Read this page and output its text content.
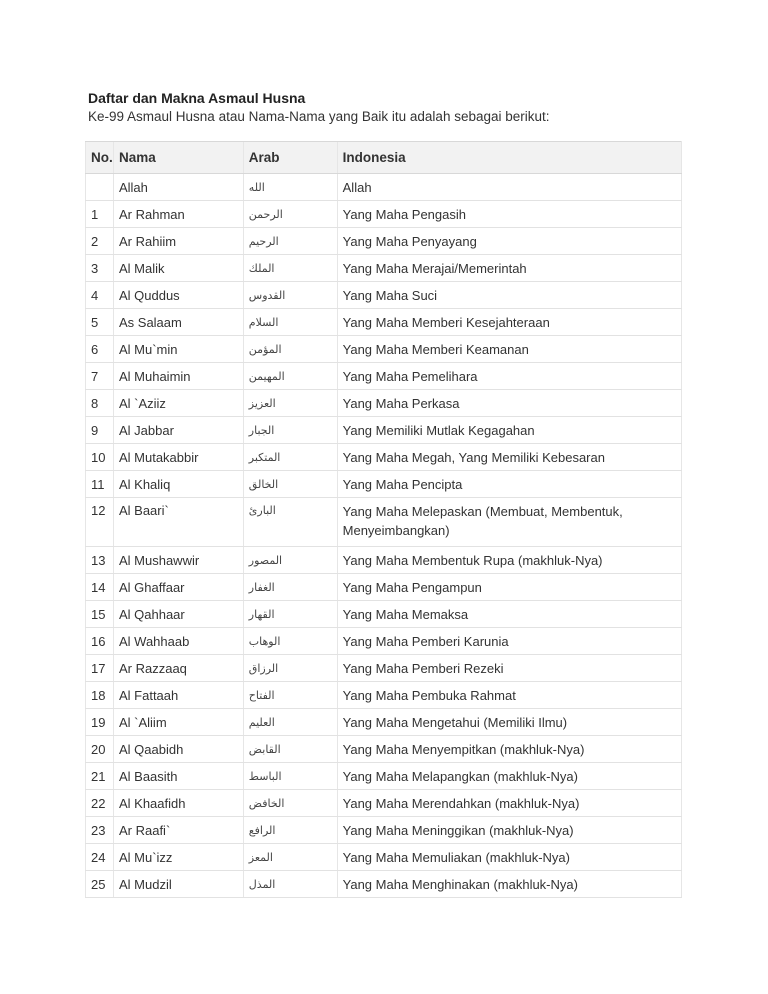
Daftar dan Makna Asmaul Husna
Ke-99 Asmaul Husna atau Nama-Nama yang Baik itu adalah sebagai berikut:
No.	Nama	Arab	Indonesia
	Allah	الله	Allah
1	Ar Rahman	الرحمن	Yang Maha Pengasih
2	Ar Rahiim	الرحيم	Yang Maha Penyayang
3	Al Malik	الملك	Yang Maha Merajai/Memerintah
4	Al Quddus	القدوس	Yang Maha Suci
5	As Salaam	السلام	Yang Maha Memberi Kesejahteraan
6	Al Mu`min	المؤمن	Yang Maha Memberi Keamanan
7	Al Muhaimin	المهيمن	Yang Maha Pemelihara
8	Al `Aziiz	العزيز	Yang Maha Perkasa
9	Al Jabbar	الجبار	Yang Memiliki Mutlak Kegagahan
10	Al Mutakabbir	المتكبر	Yang Maha Megah, Yang Memiliki Kebesaran
11	Al Khaliq	الخالق	Yang Maha Pencipta
12	Al Baari`	البارئ	Yang Maha Melepaskan (Membuat, Membentuk, Menyeimbangkan)
13	Al Mushawwir	المصور	Yang Maha Membentuk Rupa (makhluk-Nya)
14	Al Ghaffaar	الغفار	Yang Maha Pengampun
15	Al Qahhaar	القهار	Yang Maha Memaksa
16	Al Wahhaab	الوهاب	Yang Maha Pemberi Karunia
17	Ar Razzaaq	الرزاق	Yang Maha Pemberi Rezeki
18	Al Fattaah	الفتاح	Yang Maha Pembuka Rahmat
19	Al `Aliim	العليم	Yang Maha Mengetahui (Memiliki Ilmu)
20	Al Qaabidh	القابض	Yang Maha Menyempitkan (makhluk-Nya)
21	Al Baasith	الباسط	Yang Maha Melapangkan (makhluk-Nya)
22	Al Khaafidh	الخافض	Yang Maha Merendahkan (makhluk-Nya)
23	Ar Raafi`	الرافع	Yang Maha Meninggikan (makhluk-Nya)
24	Al Mu`izz	المعز	Yang Maha Memuliakan (makhluk-Nya)
25	Al Mudzil	المذل	Yang Maha Menghinakan (makhluk-Nya)
